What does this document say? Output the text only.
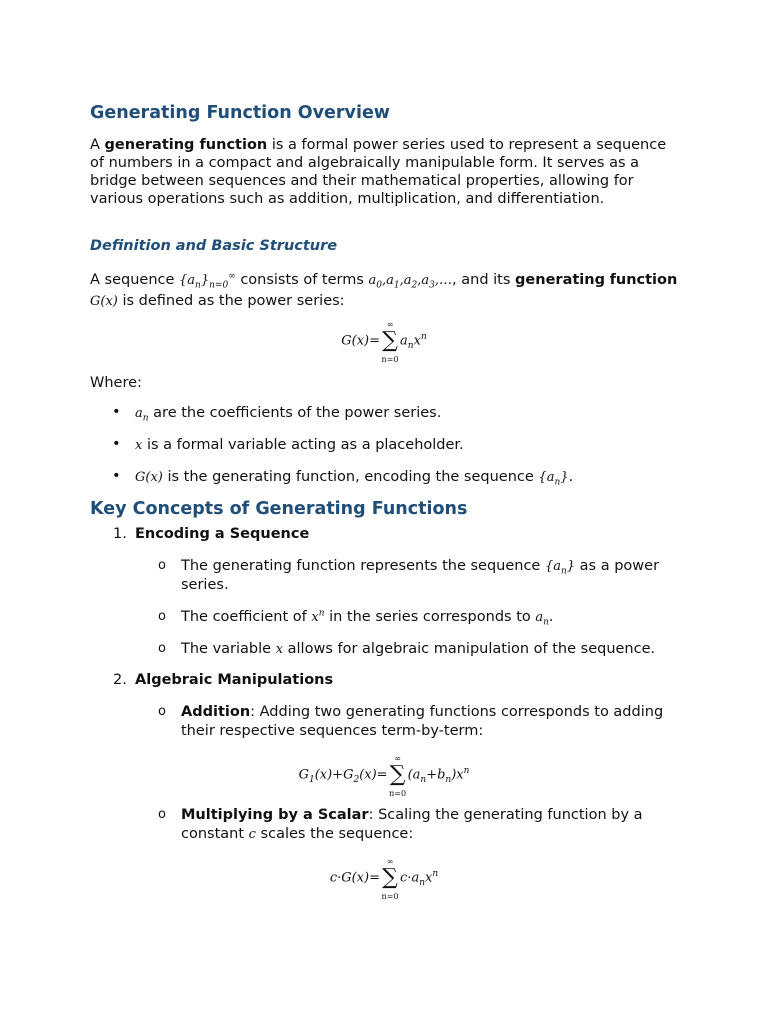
Generating Function Overview
A generating function is a formal power series used to represent a sequence of numbers in a compact and algebraically manipulable form. It serves as a bridge between sequences and their mathematical properties, allowing for various operations such as addition, multiplication, and differentiation.
Definition and Basic Structure
A sequence $\{a_n\}_{n=0}^\infty$ consists of terms $a_0,a_1,a_2,a_3,\dots$, and its generating function G(x) is defined as the power series:
G(x)=
∞
∑
n=0
$a_nx^n$
Where:
• $a_n$ are the coefficients of the power series.
• x is a formal variable acting as a placeholder.
• G(x) is the generating function, encoding the sequence $\{a_n\}$.
Key Concepts of Generating Functions
1. Encoding a Sequence
o The generating function represents the sequence $\{a_n\}$ as a power series.
o The coefficient of $x^n$ in the series corresponds to $a_n$.
o The variable x allows for algebraic manipulation of the sequence.
2. Algebraic Manipulations
o Addition: Adding two generating functions corresponds to adding their respective sequences term-by-term:
$G_1(x)+G_2(x)=$
∞
∑
n=0
$(a_n+b_n)x^n$
o Multiplying by a Scalar: Scaling the generating function by a constant c scales the sequence:
c·G(x)=
∞
∑
n=0
$c\cdot a_nx^n$
